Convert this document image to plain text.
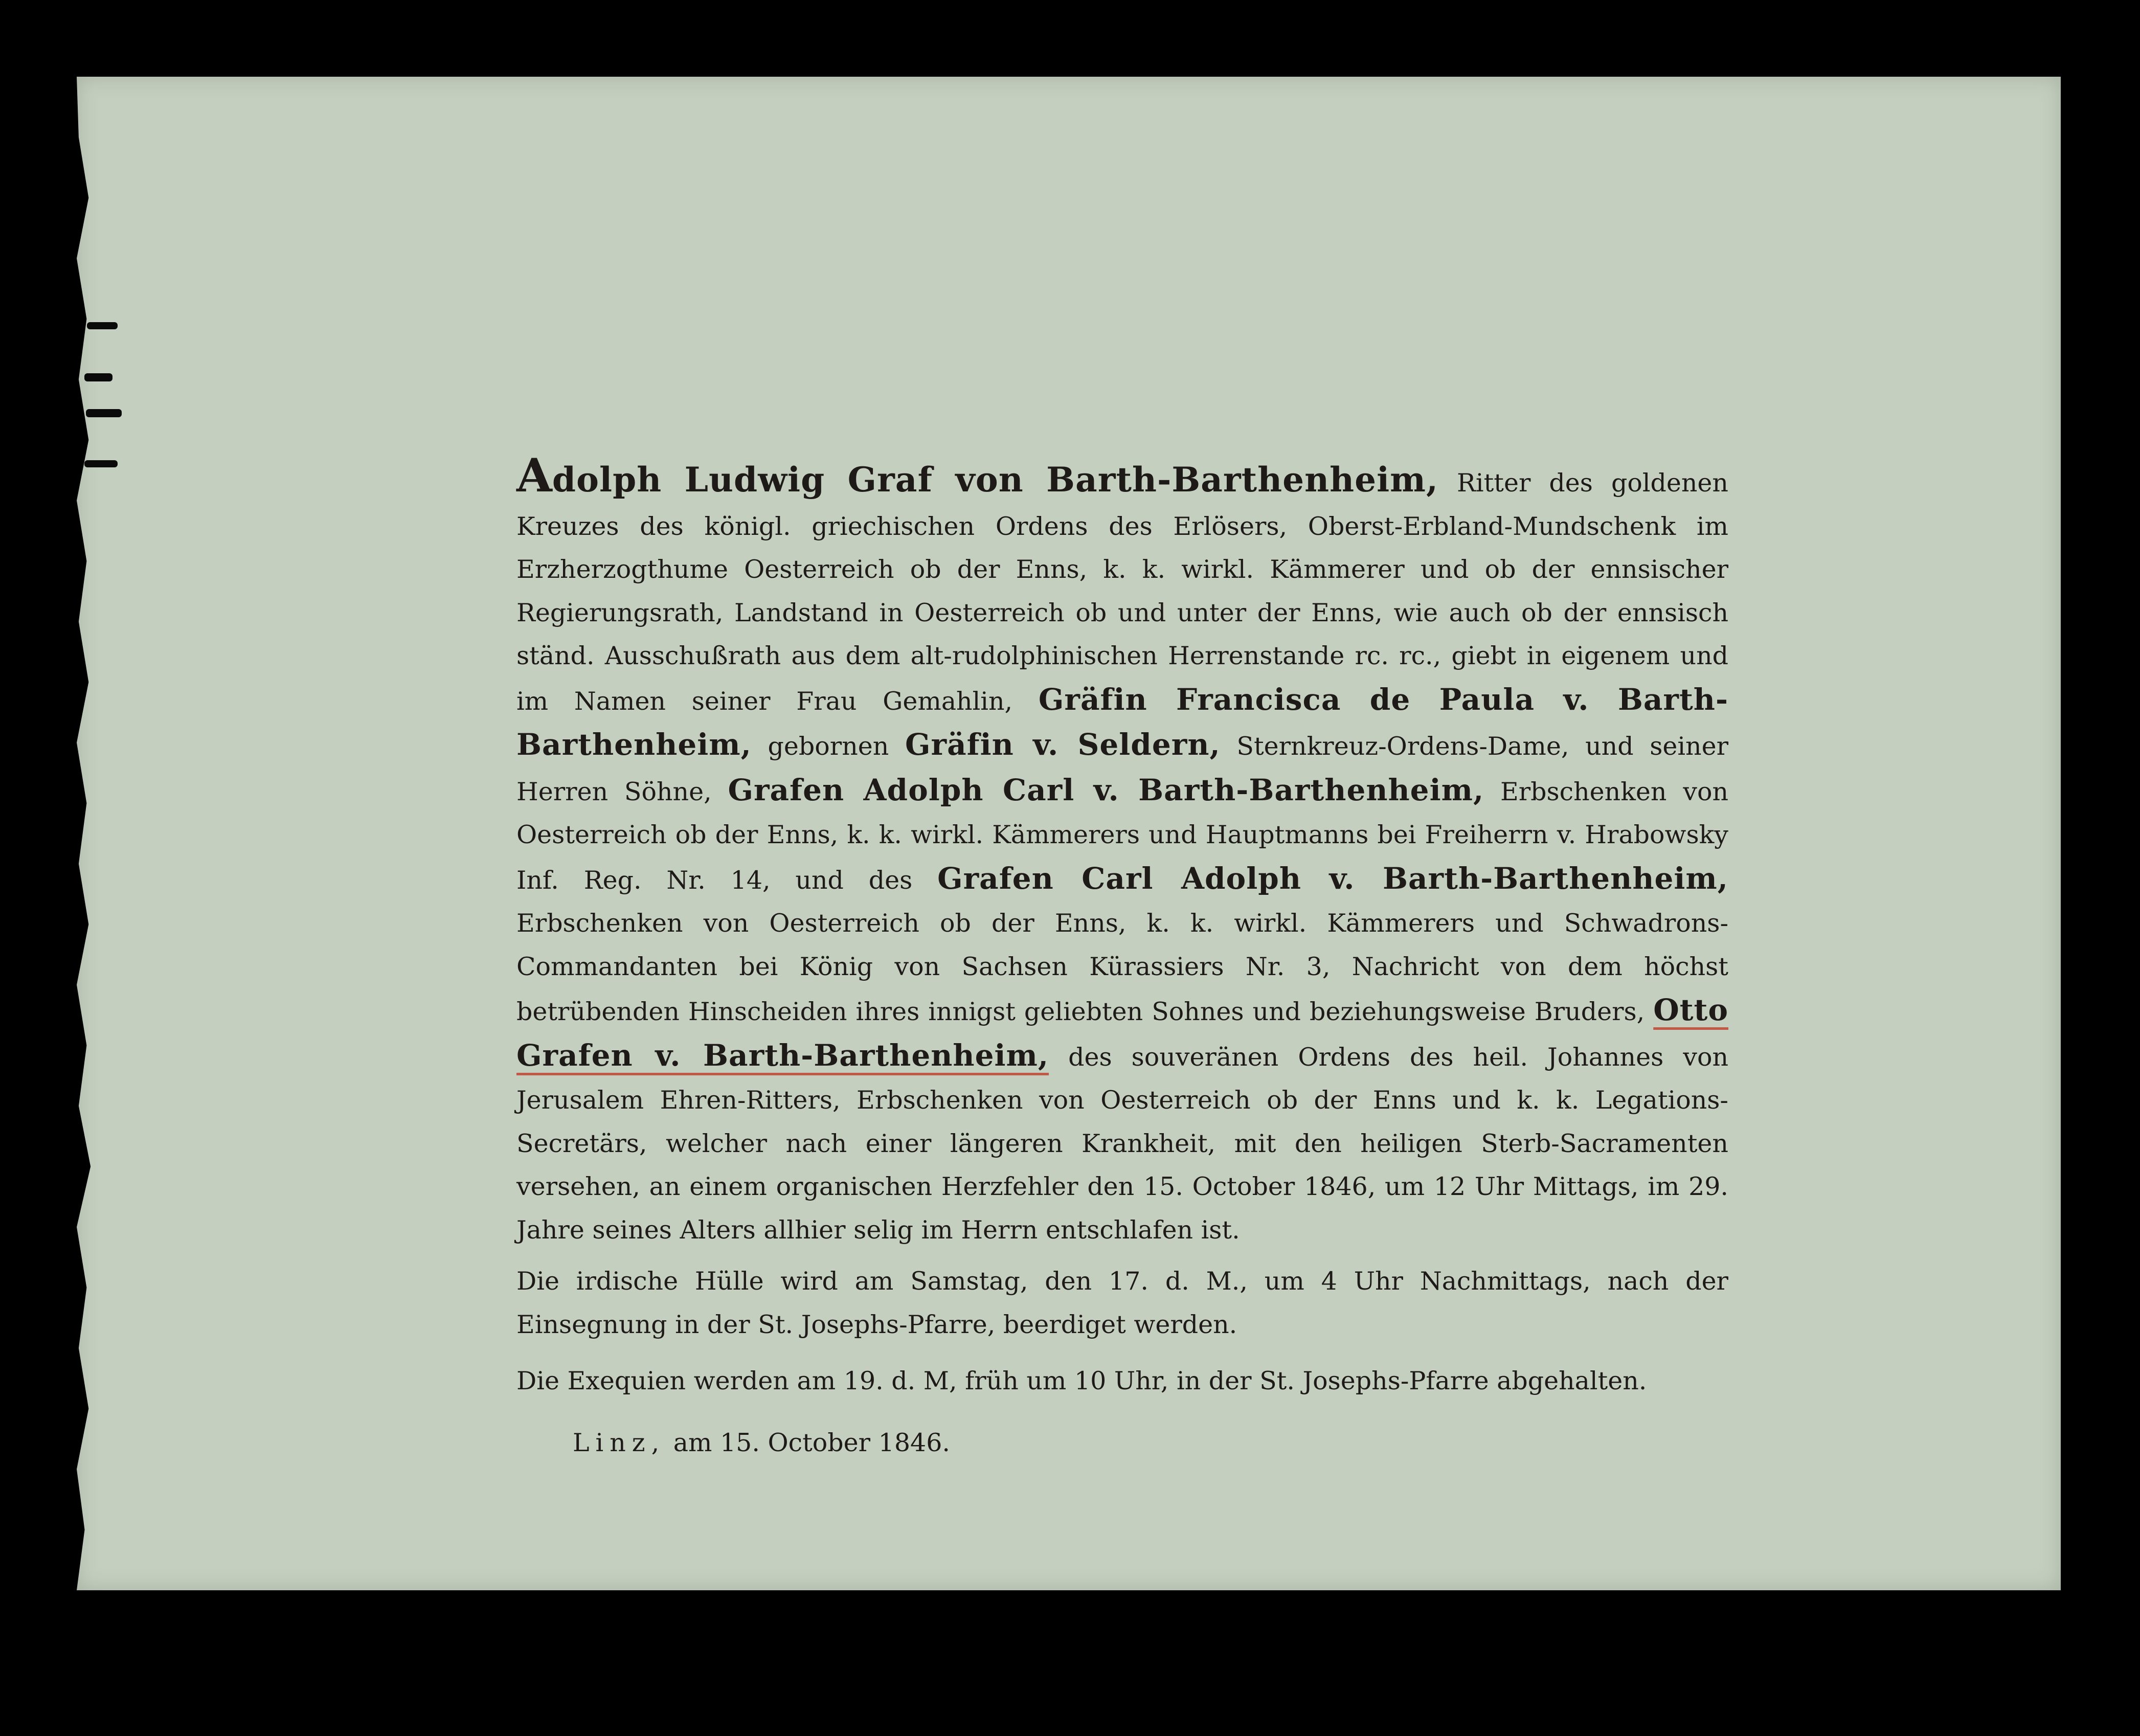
Adolph Ludwig Graf von Barth-Barthenheim, Ritter des goldenen Kreuzes des königl. griechischen Ordens des Erlösers, Oberst-Erbland-Mundschenk im Erzherzogthume Oesterreich ob der Enns, k. k. wirkl. Kämmerer und ob der ennsischer Regierungsrath, Landstand in Oesterreich ob und unter der Enns, wie auch ob der ennsisch ständ. Ausschußrath aus dem alt-rudolphinischen Herrenstande rc. rc., giebt in eigenem und im Namen seiner Frau Gemahlin, Gräfin Francisca de Paula v. Barth-Barthenheim, gebornen Gräfin v. Seldern, Sternkreuz-Ordens-Dame, und seiner Herren Söhne, Grafen Adolph Carl v. Barth-Barthenheim, Erbschenken von Oesterreich ob der Enns, k. k. wirkl. Kämmerers und Hauptmanns bei Freiherrn v. Hrabowsky Inf. Reg. Nr. 14, und des Grafen Carl Adolph v. Barth-Barthenheim, Erbschenken von Oesterreich ob der Enns, k. k. wirkl. Kämmerers und Schwadrons-Commandanten bei König von Sachsen Kürassiers Nr. 3, Nachricht von dem höchst betrübenden Hinscheiden ihres innigst geliebten Sohnes und beziehungsweise Bruders, Otto Grafen v. Barth-Barthenheim, des souveränen Ordens des heil. Johannes von Jerusalem Ehren-Ritters, Erbschenken von Oesterreich ob der Enns und k. k. Legations-Secretärs, welcher nach einer längeren Krankheit, mit den heiligen Sterb-Sacramenten versehen, an einem organischen Herzfehler den 15. October 1846, um 12 Uhr Mittags, im 29. Jahre seines Alters allhier selig im Herrn entschlafen ist.

Die irdische Hülle wird am Samstag, den 17. d. M., um 4 Uhr Nachmittags, nach der Einsegnung in der St. Josephs-Pfarre, beerdiget werden.

Die Exequien werden am 19. d. M, früh um 10 Uhr, in der St. Josephs-Pfarre abgehalten.

Linz, am 15. October 1846.
